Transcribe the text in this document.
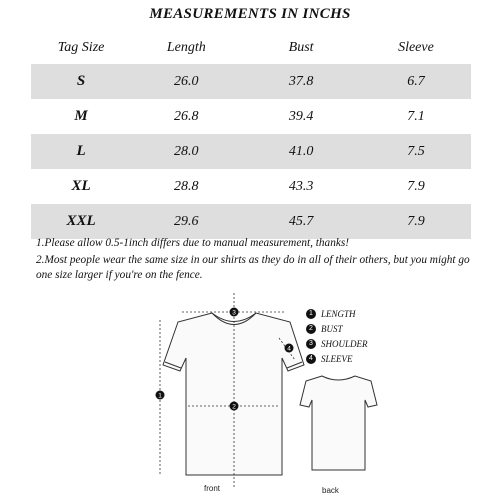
MEASUREMENTS IN INCHS
Tag Size	Length	Bust	Sleeve
S	26.0	37.8	6.7
M	26.8	39.4	7.1
L	28.0	41.0	7.5
XL	28.8	43.3	7.9
XXL	29.6	45.7	7.9

1.Please allow 0.5-1inch differs due to manual measurement, thanks!

2.Most people wear the same size in our shirts as they do in all of their others, but you might go one size larger if you're on the fence.

3
4
1
2
front	back
1 LENGTH
2 BUST
3 SHOULDER
4 SLEEVE
